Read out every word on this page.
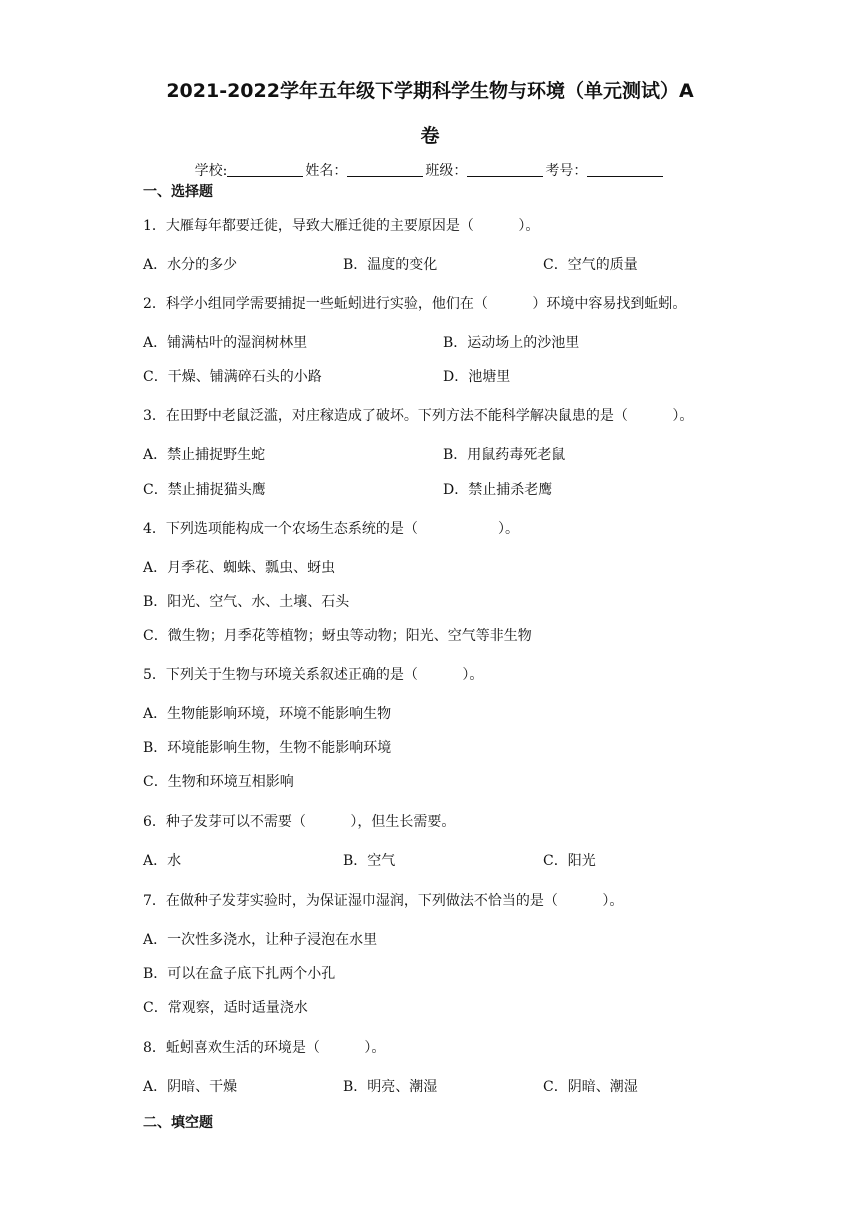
2021-2022学年五年级下学期科学生物与环境（单元测试）A
卷
学校:	姓名：	班级：	考号：
一、选择题
1．大雁每年都要迁徙，导致大雁迁徙的主要原因是（          ）。
A．水分的多少	B．温度的变化	C．空气的质量
2．科学小组同学需要捕捉一些蚯蚓进行实验，他们在（          ）环境中容易找到蚯蚓。
A．铺满枯叶的湿润树林里	B．运动场上的沙池里
C．干燥、铺满碎石头的小路	D．池塘里
3．在田野中老鼠泛滥，对庄稼造成了破坏。下列方法不能科学解决鼠患的是（          ）。
A．禁止捕捉野生蛇	B．用鼠药毒死老鼠
C．禁止捕捉猫头鹰	D．禁止捕杀老鹰
4．下列选项能构成一个农场生态系统的是（                  ）。
A．月季花、蜘蛛、瓢虫、蚜虫
B．阳光、空气、水、土壤、石头
C．微生物；月季花等植物；蚜虫等动物；阳光、空气等非生物
5．下列关于生物与环境关系叙述正确的是（          ）。
A．生物能影响环境，环境不能影响生物
B．环境能影响生物，生物不能影响环境
C．生物和环境互相影响
6．种子发芽可以不需要（          ），但生长需要。
A．水	B．空气	C．阳光
7．在做种子发芽实验时，为保证湿巾湿润，下列做法不恰当的是（          ）。
A．一次性多浇水，让种子浸泡在水里
B．可以在盒子底下扎两个小孔
C．常观察，适时适量浇水
8．蚯蚓喜欢生活的环境是（          ）。
A．阴暗、干燥	B．明亮、潮湿	C．阴暗、潮湿
二、填空题
